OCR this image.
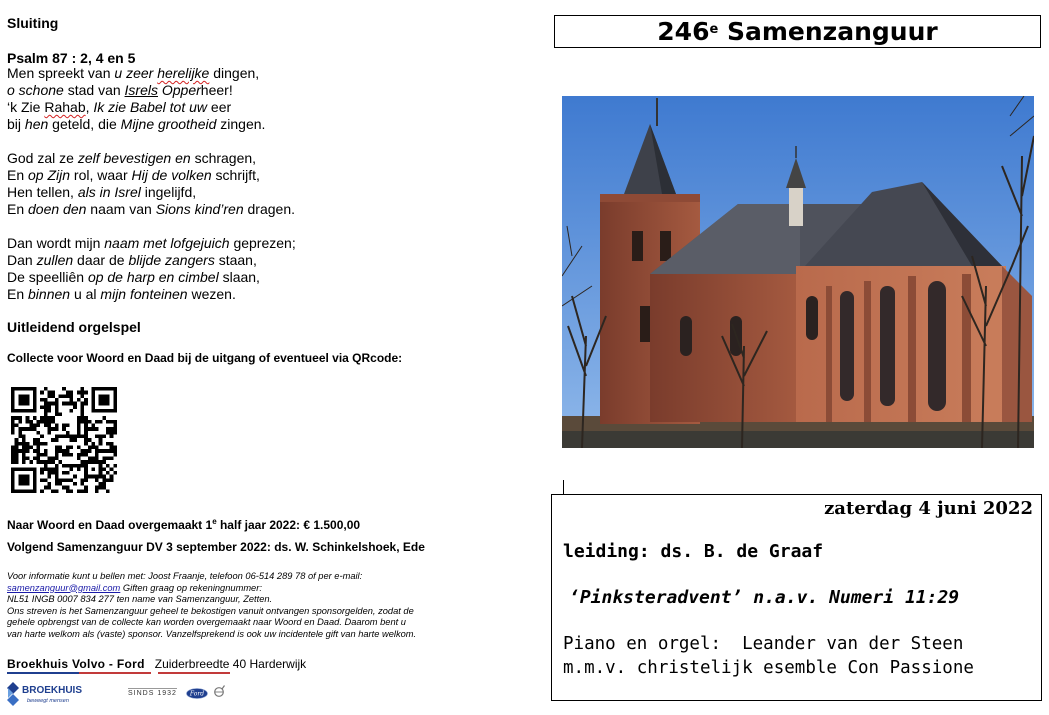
Sluiting
Psalm 87 : 2, 4 en 5
Men spreekt van u zeer herelijke dingen,
o schone stad van Isrels Opperheer!
‘k Zie Rahab, Ik zie Babel tot uw eer
bij hen geteld, die Mijne grootheid zingen.
God zal ze zelf bevestigen en schragen,
En op Zijn rol, waar Hij de volken schrijft,
Hen tellen, als in Isrel ingelijfd,
En doen den naam van Sions kind’ren dragen.
Dan wordt mijn naam met lofgejuich geprezen;
Dan zullen daar de blijde zangers staan,
De speelliên op de harp en cimbel slaan,
En binnen u al mijn fonteinen wezen.
Uitleidend orgelspel
Collecte voor Woord en Daad bij de uitgang of eventueel via QRcode:
Naar Woord en Daad overgemaakt 1e half jaar 2022: € 1.500,00
Volgend Samenzanguur DV 3 september 2022: ds. W. Schinkelshoek, Ede
Voor informatie kunt u bellen met: Joost Fraanje, telefoon 06-514 289 78 of per e-mail:
samenzanguur@gmail.com Giften graag op rekeningnummer:
NL51 INGB 0007 834 277 ten name van Samenzanguur, Zetten.
Ons streven is het Samenzanguur geheel te bekostigen vanuit ontvangen sponsorgelden, zodat de
gehele opbrengst van de collecte kan worden overgemaakt naar Woord en Daad. Daarom bent u
van harte welkom als (vaste) sponsor. Vanzelfsprekend is ook uw incidentele gift van harte welkom.
Broekhuis Volvo - Ford Zuiderbreedte 40 Harderwijk
BROEKHUIS
beweegt mensen
SINDS 1932 Ford
246e Samenzanguur
zaterdag 4 juni 2022
leiding: ds. B. de Graaf
‘Pinksteradvent’ n.a.v. Numeri 11:29
Piano en orgel:  Leander van der Steen
m.m.v. christelijk esemble Con Passione
